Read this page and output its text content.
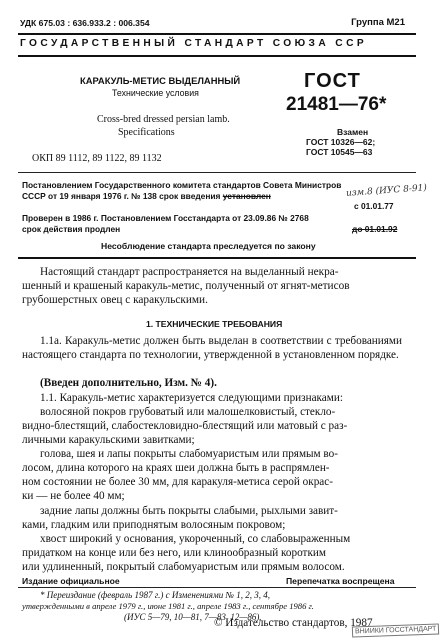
УДК 675.03 : 636.933.2 : 006.354	Группа М21
ГОСУДАРСТВЕННЫЙ СТАНДАРТ СОЮЗА ССР
КАРАКУЛЬ-МЕТИС ВЫДЕЛАННЫЙ
Технические условия
Cross-bred dressed persian lamb.
Specifications
ОКП 89 1112, 89 1122, 89 1132
ГОСТ
21481—76*
Взамен
ГОСТ 10326—62;
ГОСТ 10545—63
Постановлением Государственного комитета стандартов Совета Министров
СССР от 19 января 1976 г. № 138 срок введения установлен	изм.8 (ИУС 8-91)
с 01.01.77
Проверен в 1986 г. Постановлением Госстандарта от 23.09.86 № 2768
срок действия продлен	до 01.01.92
Несоблюдение стандарта преследуется по закону
Настоящий стандарт распространяется на выделанный некра-
шенный и крашеный каракуль-метис, полученный от ягнят-метисов
грубошерстных овец с каракульскими.
1. ТЕХНИЧЕСКИЕ ТРЕБОВАНИЯ

1.1а. Каракуль-метис должен быть выделан в соответствии с требованиями настоящего стандарта по технологии, утвержденной в установленном порядке.

(Введен дополнительно, Изм. № 4).
1.1. Каракуль-метис характеризуется следующими признаками:
волосяной покров грубоватый или малошелковистый, стекло-
видно-блестящий, слабостекловидно-блестящий или матовый с раз-
личными каракульскими завитками;
голова, шея и лапы покрыты слабомуаристым или прямым во-
лосом, длина которого на краях шеи должна быть в распрямлен-
ном состоянии не более 30 мм, для каракуля-метиса серой окрас-
ки — не более 40 мм;
задние лапы должны быть покрыты слабыми, рыхлыми завит-
ками, гладким или приподнятым волосяным покровом;
хвост широкий у основания, укороченный, со слабовыраженным
придатком на конце или без него, или клинообразный коротким
или удлиненный, покрытый слабомуаристым или прямым волосом.
Издание официальное	Перепечатка воспрещена
* Переиздание (февраль 1987 г.) с Изменениями № 1, 2, 3, 4,
утвержденными в апреле 1979 г., июне 1981 г., апреле 1983 г., сентябре 1986 г.
(ИУС 5—79, 10—81, 7—83, 12—86).
© Издательство стандартов, 1987
ВНИИКИ ГОССТАНДАРТ
